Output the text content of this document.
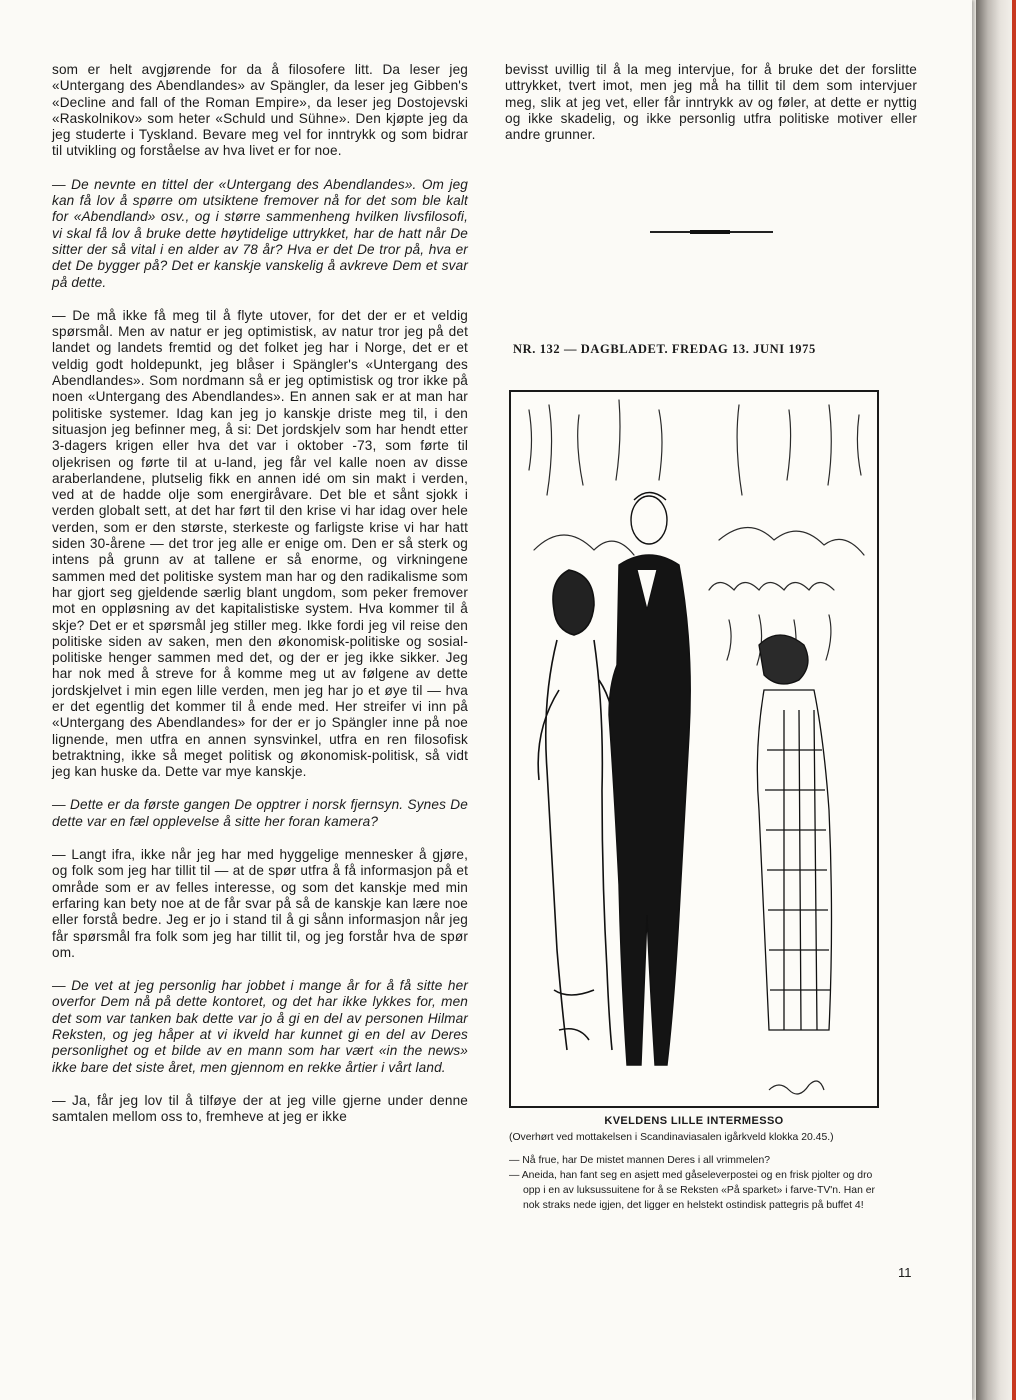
som er helt avgjørende for da å filosofere litt. Da leser jeg «Untergang des Abendlandes» av Spängler, da leser jeg Gibben's «Decline and fall of the Roman Empire», da leser jeg Dostojevski «Raskolnikov» som heter «Schuld und Sühne». Den kjøpte jeg da jeg studerte i Tyskland. Bevare meg vel for inntrykk og som bidrar til utvikling og forståelse av hva livet er for noe.

— De nevnte en tittel der «Untergang des Abendlandes». Om jeg kan få lov å spørre om utsiktene fremover nå for det som ble kalt for «Abendland» osv., og i større sammenheng hvilken livsfilosofi, vi skal få lov å bruke dette høytidelige uttrykket, har de hatt når De sitter der så vital i en alder av 78 år? Hva er det De tror på, hva er det De bygger på? Det er kanskje vanskelig å avkreve Dem et svar på dette.

— De må ikke få meg til å flyte utover, for det der er et veldig spørsmål. Men av natur er jeg optimistisk, av natur tror jeg på det landet og landets fremtid og det folket jeg har i Norge, det er et veldig godt holdepunkt, jeg blåser i Spängler's «Untergang des Abendlandes». Som nordmann så er jeg optimistisk og tror ikke på noen «Untergang des Abendlandes». En annen sak er at man har politiske systemer. Idag kan jeg jo kanskje driste meg til, i den situasjon jeg befinner meg, å si: Det jordskjelv som har hendt etter 3-dagers krigen eller hva det var i oktober -73, som førte til oljekrisen og førte til at u-land, jeg får vel kalle noen av disse araberlandene, plutselig fikk en annen idé om sin makt i verden, ved at de hadde olje som energiråvare. Det ble et sånt sjokk i verden globalt sett, at det har ført til den krise vi har idag over hele verden, som er den største, sterkeste og farligste krise vi har hatt siden 30-årene — det tror jeg alle er enige om. Den er så sterk og intens på grunn av at tallene er så enorme, og virkningene sammen med det politiske system man har og den radikalisme som har gjort seg gjeldende særlig blant ungdom, som peker fremover mot en oppløsning av det kapitalistiske system. Hva kommer til å skje? Det er et spørsmål jeg stiller meg. Ikke fordi jeg vil reise den politiske siden av saken, men den økonomisk-politiske og sosial-politiske henger sammen med det, og der er jeg ikke sikker. Jeg har nok med å streve for å komme meg ut av følgene av dette jordskjelvet i min egen lille verden, men jeg har jo et øye til — hva er det egentlig det kommer til å ende med. Her streifer vi inn på «Untergang des Abendlandes» for der er jo Spängler inne på noe lignende, men utfra en annen synsvinkel, utfra en ren filosofisk betraktning, ikke så meget politisk og økonomisk-politisk, så vidt jeg kan huske da. Dette var mye kanskje.

— Dette er da første gangen De opptrer i norsk fjernsyn. Synes De dette var en fæl opplevelse å sitte her foran kamera?

— Langt ifra, ikke når jeg har med hyggelige mennesker å gjøre, og folk som jeg har tillit til — at de spør utfra å få informasjon på et område som er av felles interesse, og som det kanskje med min erfaring kan bety noe at de får svar på så de kanskje kan lære noe eller forstå bedre. Jeg er jo i stand til å gi sånn informasjon når jeg får spørsmål fra folk som jeg har tillit til, og jeg forstår hva de spør om.

— De vet at jeg personlig har jobbet i mange år for å få sitte her overfor Dem nå på dette kontoret, og det har ikke lykkes for, men det som var tanken bak dette var jo å gi en del av personen Hilmar Reksten, og jeg håper at vi ikveld har kunnet gi en del av Deres personlighet og et bilde av en mann som har vært «in the news» ikke bare det siste året, men gjennom en rekke årtier i vårt land.

— Ja, får jeg lov til å tilføye der at jeg ville gjerne under denne samtalen mellom oss to, fremheve at jeg er ikke

bevisst uvillig til å la meg intervjue, for å bruke det der forslitte uttrykket, tvert imot, men jeg må ha tillit til dem som intervjuer meg, slik at jeg vet, eller får inntrykk av og føler, at dette er nyttig og ikke skadelig, og ikke personlig utfra politiske motiver eller andre grunner.
NR. 132 — DAGBLADET. FREDAG 13. JUNI 1975
KVELDENS LILLE INTERMESSO
(Overhørt ved mottakelsen i Scandinaviasalen igårkveld klokka 20.45.)
— Nå frue, har De mistet mannen Deres i all vrimmelen?
— Aneida, han fant seg en asjett med gåseleverpostei og en frisk pjolter og dro opp i en av luksussuitene for å se Reksten «På sparket» i farve-TV'n. Han er nok straks nede igjen, det ligger en helstekt ostindisk pattegris på buffet 4!
11
